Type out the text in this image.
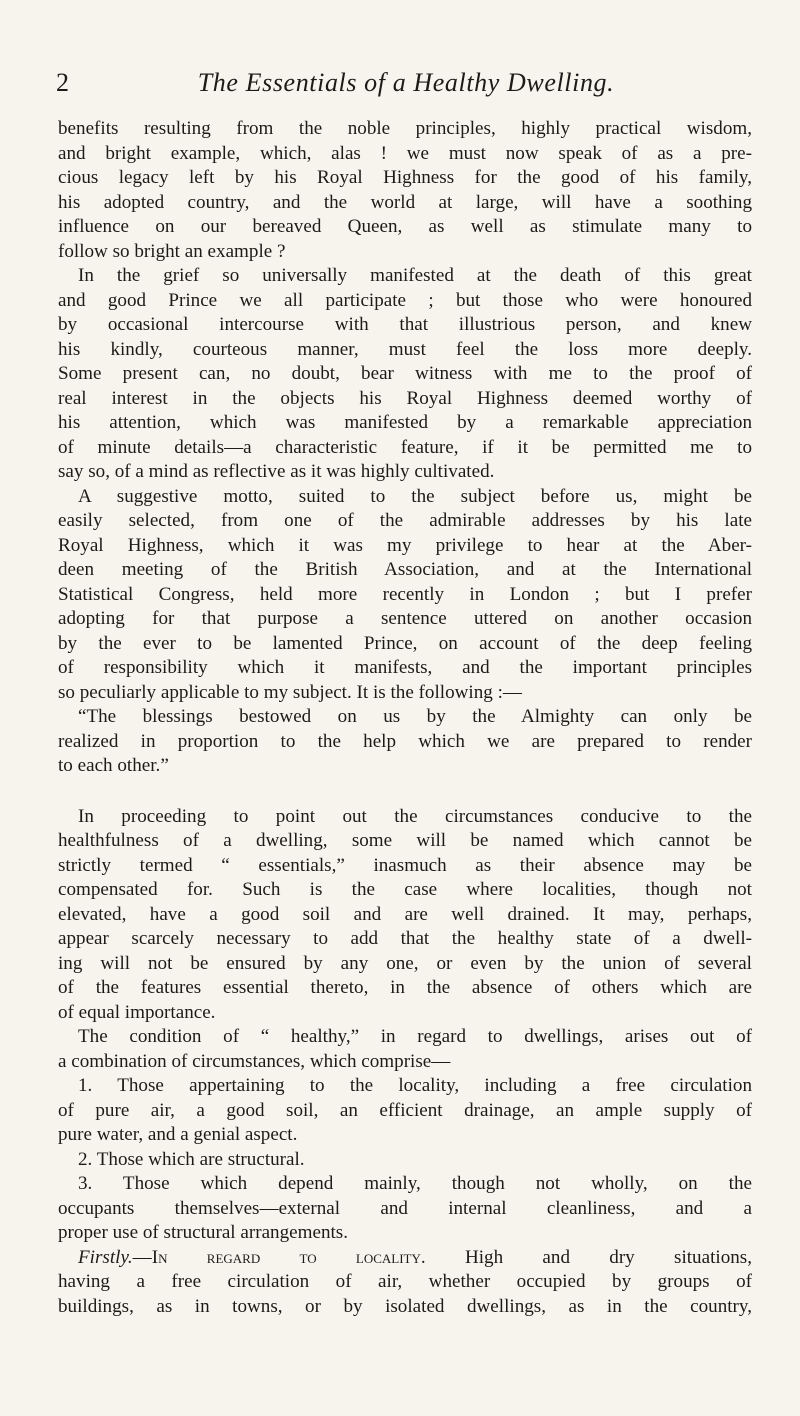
2	The Essentials of a Healthy Dwelling.
benefits resulting from the noble principles, highly practical wisdom,
and bright example, which, alas ! we must now speak of as a pre-
cious legacy left by his Royal Highness for the good of his family,
his adopted country, and the world at large, will have a soothing
influence on our bereaved Queen, as well as stimulate many to
follow so bright an example ?
In the grief so universally manifested at the death of this great
and good Prince we all participate ; but those who were honoured
by occasional intercourse with that illustrious person, and knew
his kindly, courteous manner, must feel the loss more deeply.
Some present can, no doubt, bear witness with me to the proof of
real interest in the objects his Royal Highness deemed worthy of
his attention, which was manifested by a remarkable appreciation
of minute details—a characteristic feature, if it be permitted me to
say so, of a mind as reflective as it was highly cultivated.
A suggestive motto, suited to the subject before us, might be
easily selected, from one of the admirable addresses by his late
Royal Highness, which it was my privilege to hear at the Aber-
deen meeting of the British Association, and at the International
Statistical Congress, held more recently in London ; but I prefer
adopting for that purpose a sentence uttered on another occasion
by the ever to be lamented Prince, on account of the deep feeling
of responsibility which it manifests, and the important principles
so peculiarly applicable to my subject. It is the following :—
“The blessings bestowed on us by the Almighty can only be
realized in proportion to the help which we are prepared to render
to each other.”
In proceeding to point out the circumstances conducive to the
healthfulness of a dwelling, some will be named which cannot be
strictly termed “ essentials,” inasmuch as their absence may be
compensated for. Such is the case where localities, though not
elevated, have a good soil and are well drained. It may, perhaps,
appear scarcely necessary to add that the healthy state of a dwell-
ing will not be ensured by any one, or even by the union of several
of the features essential thereto, in the absence of others which are
of equal importance.
The condition of “ healthy,” in regard to dwellings, arises out of
a combination of circumstances, which comprise—
1. Those appertaining to the locality, including a free circulation
of pure air, a good soil, an efficient drainage, an ample supply of
pure water, and a genial aspect.
2. Those which are structural.
3. Those which depend mainly, though not wholly, on the
occupants themselves—external and internal cleanliness, and a
proper use of structural arrangements.
Firstly.—In regard to locality. High and dry situations,
having a free circulation of air, whether occupied by groups of
buildings, as in towns, or by isolated dwellings, as in the country,
